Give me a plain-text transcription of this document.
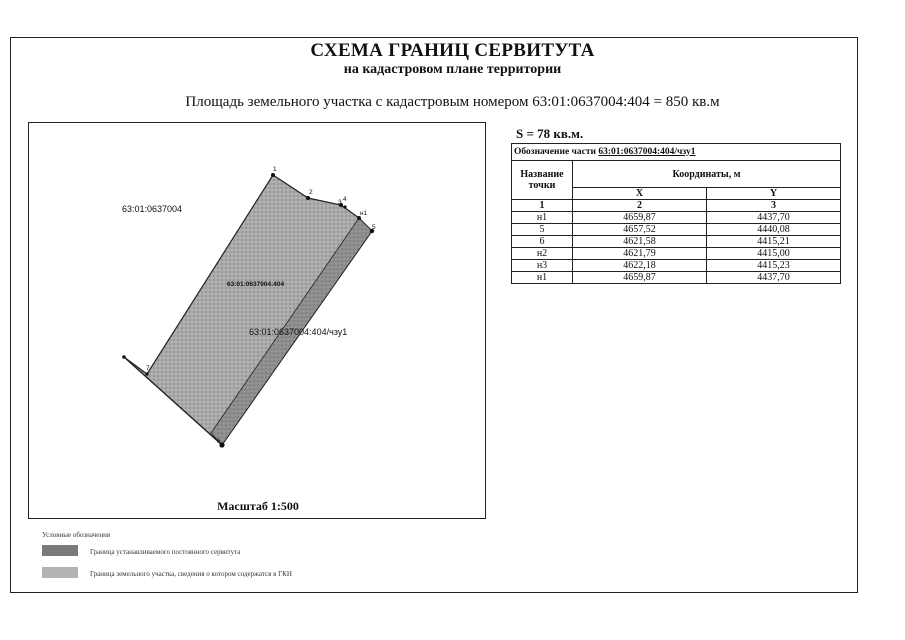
СХЕМА ГРАНИЦ СЕРВИТУТА
на кадастровом плане территории
Площадь земельного участка с кадастровым номером 63:01:0637004:404 = 850 кв.м
1
2
3 4
н1
5
6
7
63:01:0637004
63:01:0637004:404
63:01:0637004:404/чзу1
Масштаб 1:500
S = 78 кв.м.
Обозначение части 63:01:0637004:404/чзу1		
Название точки	Координаты, м	
	X	Y
1	2	3
н1	4659,87	4437,70
5	4657,52	4440,08
6	4621,58	4415,21
н2	4621,79	4415,00
н3	4622,18	4415,23
н1	4659,87	4437,70
Условные обозначения
Граница устанавливаемого постоянного сервитута
Граница земельного участка, сведения о котором содержатся в ГКН
